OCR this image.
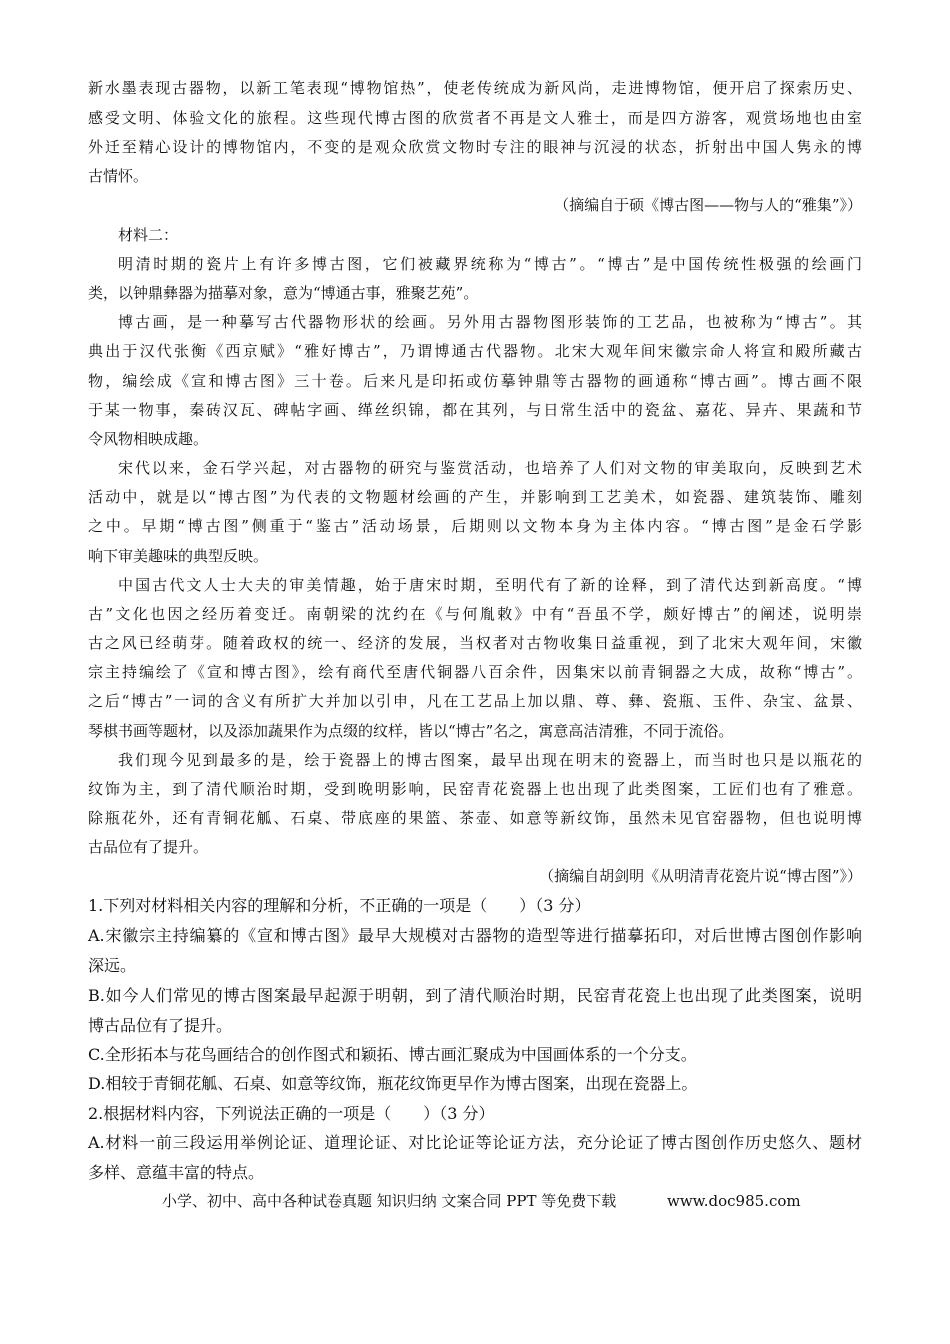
新水墨表现古器物，以新工笔表现“博物馆热”，使老传统成为新风尚，走进博物馆，便开启了探索历史、
感受文明、体验文化的旅程。这些现代博古图的欣赏者不再是文人雅士，而是四方游客，观赏场地也由室
外迁至精心设计的博物馆内，不变的是观众欣赏文物时专注的眼神与沉浸的状态，折射出中国人隽永的博
古情怀。
（摘编自于硕《博古图——物与人的“雅集”》）
材料二：
明清时期的瓷片上有许多博古图，它们被藏界统称为“博古”。“博古”是中国传统性极强的绘画门
类，以钟鼎彝器为描摹对象，意为“博通古事，雅聚艺苑”。
博古画，是一种摹写古代器物形状的绘画。另外用古器物图形装饰的工艺品，也被称为“博古”。其
典出于汉代张衡《西京赋》“雅好博古”，乃谓博通古代器物。北宋大观年间宋徽宗命人将宣和殿所藏古
物，编绘成《宣和博古图》三十卷。后来凡是印拓或仿摹钟鼎等古器物的画通称“博古画”。博古画不限
于某一物事，秦砖汉瓦、碑帖字画、缂丝织锦，都在其列，与日常生活中的瓷盆、嘉花、异卉、果蔬和节
令风物相映成趣。
宋代以来，金石学兴起，对古器物的研究与鉴赏活动，也培养了人们对文物的审美取向，反映到艺术
活动中，就是以“博古图”为代表的文物题材绘画的产生，并影响到工艺美术，如瓷器、建筑装饰、雕刻
之中。早期“博古图”侧重于“鉴古”活动场景，后期则以文物本身为主体内容。“博古图”是金石学影
响下审美趣味的典型反映。
中国古代文人士大夫的审美情趣，始于唐宋时期，至明代有了新的诠释，到了清代达到新高度。“博
古”文化也因之经历着变迁。南朝梁的沈约在《与何胤敕》中有“吾虽不学，颇好博古”的阐述，说明崇
古之风已经萌芽。随着政权的统一、经济的发展，当权者对古物收集日益重视，到了北宋大观年间，宋徽
宗主持编绘了《宣和博古图》，绘有商代至唐代铜器八百余件，因集宋以前青铜器之大成，故称“博古”。
之后“博古”一词的含义有所扩大并加以引申，凡在工艺品上加以鼎、尊、彝、瓷瓶、玉件、杂宝、盆景、
琴棋书画等题材，以及添加蔬果作为点缀的纹样，皆以“博古”名之，寓意高洁清雅，不同于流俗。
我们现今见到最多的是，绘于瓷器上的博古图案，最早出现在明末的瓷器上，而当时也只是以瓶花的
纹饰为主，到了清代顺治时期，受到晚明影响，民窑青花瓷器上也出现了此类图案，工匠们也有了雅意。
除瓶花外，还有青铜花觚、石桌、带底座的果篮、茶壶、如意等新纹饰，虽然未见官窑器物，但也说明博
古品位有了提升。
（摘编自胡剑明《从明清青花瓷片说“博古图”》）
1.下列对材料相关内容的理解和分析，不正确的一项是（　　）（3 分）
A.宋徽宗主持编纂的《宣和博古图》最早大规模对古器物的造型等进行描摹拓印，对后世博古图创作影响
深远。
B.如今人们常见的博古图案最早起源于明朝，到了清代顺治时期，民窑青花瓷上也出现了此类图案，说明
博古品位有了提升。
C.全形拓本与花鸟画结合的创作图式和颖拓、博古画汇聚成为中国画体系的一个分支。
D.相较于青铜花觚、石桌、如意等纹饰，瓶花纹饰更早作为博古图案，出现在瓷器上。
2.根据材料内容，下列说法正确的一项是（　　）（3 分）
A.材料一前三段运用举例论证、道理论证、对比论证等论证方法，充分论证了博古图创作历史悠久、题材
多样、意蕴丰富的特点。
小学、初中、高中各种试卷真题 知识归纳 文案合同 PPT 等免费下载	www.doc985.com
